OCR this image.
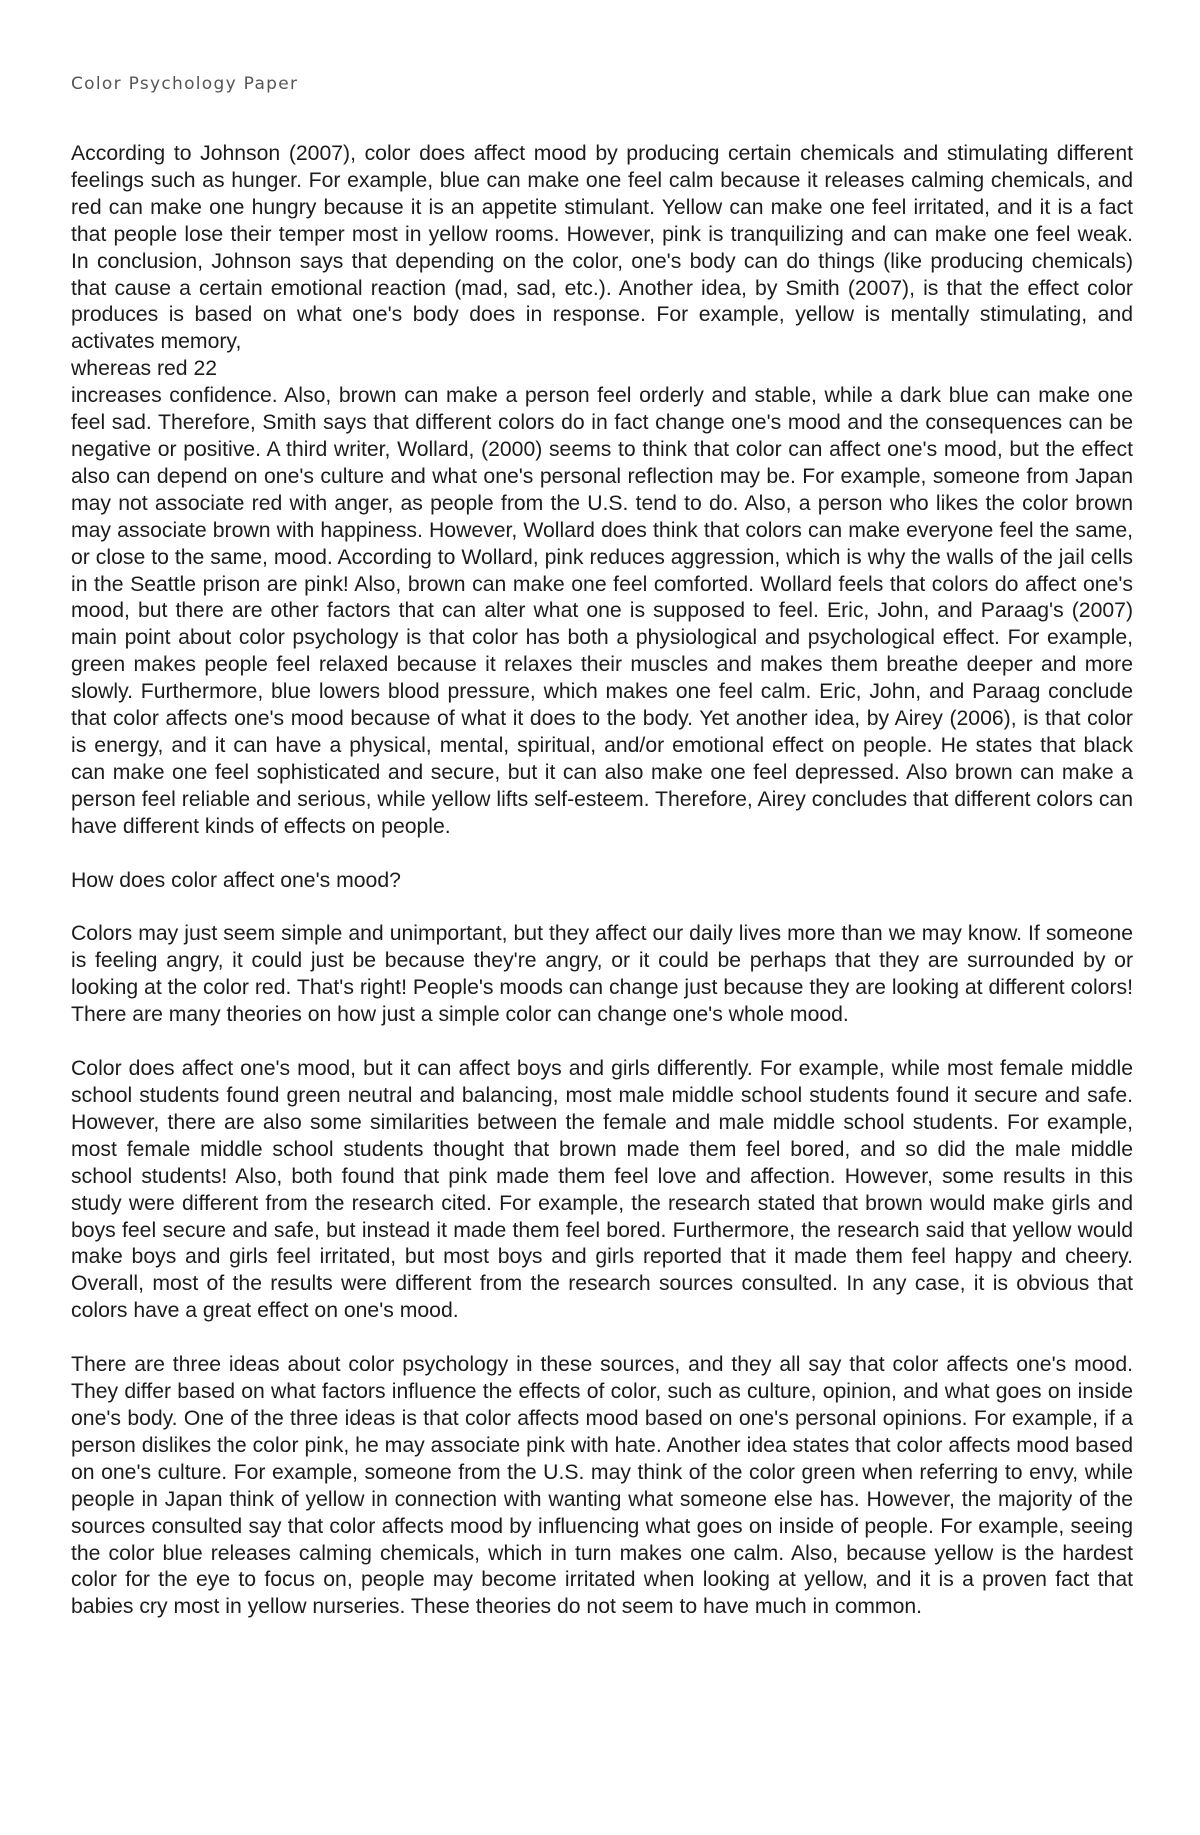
Color Psychology Paper

According to Johnson (2007), color does affect mood by producing certain chemicals and stimulating different feelings such as hunger. For example, blue can make one feel calm because it releases calming chemicals, and red can make one hungry because it is an appetite stimulant. Yellow can make one feel irritated, and it is a fact that people lose their temper most in yellow rooms. However, pink is tranquilizing and can make one feel weak. In conclusion, Johnson says that depending on the color, one's body can do things (like producing chemicals) that cause a certain emotional reaction (mad, sad, etc.). Another idea, by Smith (2007), is that the effect color produces is based on what one's body does in response. For example, yellow is mentally stimulating, and activates memory,

whereas red 22

increases confidence. Also, brown can make a person feel orderly and stable, while a dark blue can make one feel sad. Therefore, Smith says that different colors do in fact change one's mood and the consequences can be negative or positive. A third writer, Wollard, (2000) seems to think that color can affect one's mood, but the effect also can depend on one's culture and what one's personal reflection may be. For example, someone from Japan may not associate red with anger, as people from the U.S. tend to do. Also, a person who likes the color brown may associate brown with happiness. However, Wollard does think that colors can make everyone feel the same, or close to the same, mood. According to Wollard, pink reduces aggression, which is why the walls of the jail cells in the Seattle prison are pink! Also, brown can make one feel comforted. Wollard feels that colors do affect one's mood, but there are other factors that can alter what one is supposed to feel. Eric, John, and Paraag's (2007) main point about color psychology is that color has both a physiological and psychological effect. For example, green makes people feel relaxed because it relaxes their muscles and makes them breathe deeper and more slowly. Furthermore, blue lowers blood pressure, which makes one feel calm. Eric, John, and Paraag conclude that color affects one's mood because of what it does to the body. Yet another idea, by Airey (2006), is that color is energy, and it can have a physical, mental, spiritual, and/or emotional effect on people. He states that black can make one feel sophisticated and secure, but it can also make one feel depressed. Also brown can make a person feel reliable and serious, while yellow lifts self-esteem. Therefore, Airey concludes that different colors can have different kinds of effects on people.

How does color affect one's mood?

Colors may just seem simple and unimportant, but they affect our daily lives more than we may know. If someone is feeling angry, it could just be because they're angry, or it could be perhaps that they are surrounded by or looking at the color red. That's right! People's moods can change just because they are looking at different colors! There are many theories on how just a simple color can change one's whole mood.

Color does affect one's mood, but it can affect boys and girls differently. For example, while most female middle school students found green neutral and balancing, most male middle school students found it secure and safe. However, there are also some similarities between the female and male middle school students. For example, most female middle school students thought that brown made them feel bored, and so did the male middle school students! Also, both found that pink made them feel love and affection. However, some results in this study were different from the research cited. For example, the research stated that brown would make girls and boys feel secure and safe, but instead it made them feel bored. Furthermore, the research said that yellow would make boys and girls feel irritated, but most boys and girls reported that it made them feel happy and cheery. Overall, most of the results were different from the research sources consulted. In any case, it is obvious that colors have a great effect on one's mood.

There are three ideas about color psychology in these sources, and they all say that color affects one's mood. They differ based on what factors influence the effects of color, such as culture, opinion, and what goes on inside one's body. One of the three ideas is that color affects mood based on one's personal opinions. For example, if a person dislikes the color pink, he may associate pink with hate. Another idea states that color affects mood based on one's culture. For example, someone from the U.S. may think of the color green when referring to envy, while people in Japan think of yellow in connection with wanting what someone else has. However, the majority of the sources consulted say that color affects mood by influencing what goes on inside of people. For example, seeing the color blue releases calming chemicals, which in turn makes one calm. Also, because yellow is the hardest color for the eye to focus on, people may become irritated when looking at yellow, and it is a proven fact that babies cry most in yellow nurseries. These theories do not seem to have much in common.
